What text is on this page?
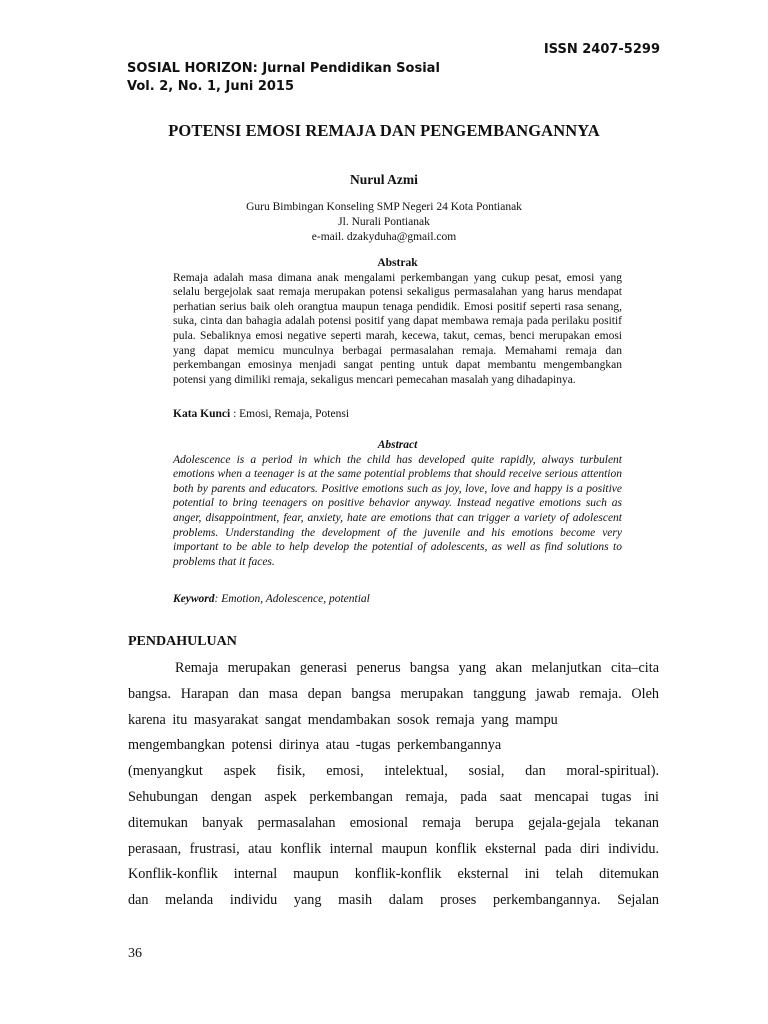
ISSN 2407-5299
SOSIAL HORIZON: Jurnal Pendidikan Sosial
Vol. 2, No. 1, Juni 2015
POTENSI EMOSI REMAJA DAN PENGEMBANGANNYA
Nurul Azmi
Guru Bimbingan Konseling SMP Negeri 24 Kota Pontianak
Jl. Nurali Pontianak
e-mail. dzakyduha@gmail.com
Abstrak
Remaja adalah masa dimana anak mengalami perkembangan yang cukup pesat, emosi yang selalu bergejolak saat remaja merupakan potensi sekaligus permasalahan yang harus mendapat perhatian serius baik oleh orangtua maupun tenaga pendidik. Emosi positif seperti rasa senang, suka, cinta dan bahagia adalah potensi positif yang dapat membawa remaja pada perilaku positif pula. Sebaliknya emosi negative seperti marah, kecewa, takut, cemas, benci merupakan emosi yang dapat memicu munculnya berbagai permasalahan remaja. Memahami remaja dan perkembangan emosinya menjadi sangat penting untuk dapat membantu mengembangkan potensi yang dimiliki remaja, sekaligus mencari pemecahan masalah yang dihadapinya.
Kata Kunci : Emosi, Remaja, Potensi
Abstract
Adolescence is a period in which the child has developed quite rapidly, always turbulent emotions when a teenager is at the same potential problems that should receive serious attention both by parents and educators. Positive emotions such as joy, love, love and happy is a positive potential to bring teenagers on positive behavior anyway. Instead negative emotions such as anger, disappointment, fear, anxiety, hate are emotions that can trigger a variety of adolescent problems. Understanding the development of the juvenile and his emotions become very important to be able to help develop the potential of adolescents, as well as find solutions to problems that it faces.
Keyword: Emotion, Adolescence, potential
PENDAHULUAN
Remaja merupakan generasi penerus bangsa yang akan melanjutkan cita–cita
bangsa. Harapan dan masa depan bangsa merupakan tanggung jawab remaja. Oleh
karena itu masyarakat sangat mendambakan sosok remaja yang mampu
mengembangkan potensi dirinya atau -tugas perkembangannya
(menyangkut aspek fisik, emosi, intelektual, sosial, dan moral-spiritual).
Sehubungan dengan aspek perkembangan remaja, pada saat mencapai tugas ini
ditemukan banyak permasalahan emosional remaja berupa gejala-gejala tekanan
perasaan, frustrasi, atau konflik internal maupun konflik eksternal pada diri individu.
Konflik-konflik internal maupun konflik-konflik eksternal ini telah ditemukan
dan melanda individu yang masih dalam proses perkembangannya. Sejalan
36
